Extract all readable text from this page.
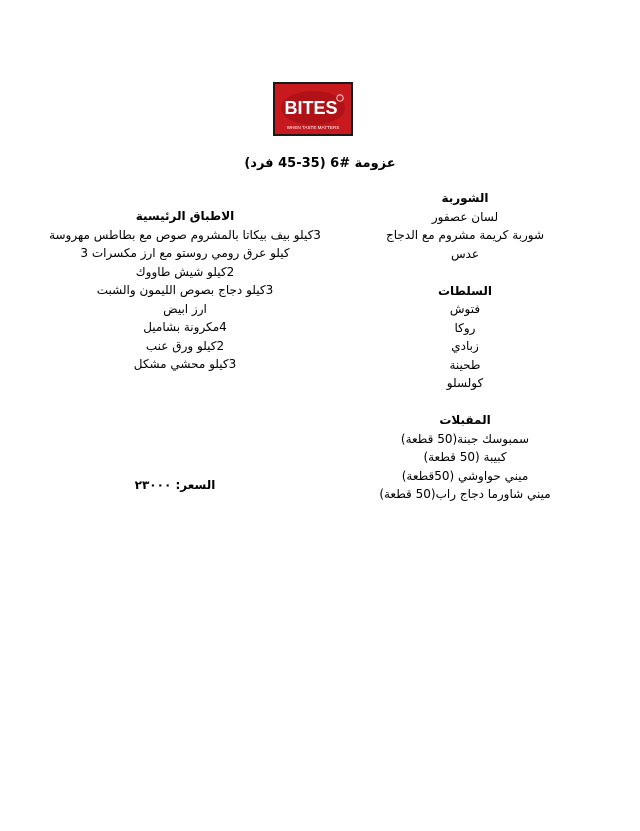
BITES
WHEN TASTE MATTERS
عزومة #6 (35-45 فرد)
الشوربة
لسان عصفور
شوربة كريمة مشروم مع الدجاج
عدس
السلطات
فتوش
روكا
زبادي
طحينة
كولسلو
المقبلات
سمبوسك جبنة(50 قطعة)
كبيبة (50 قطعة)
ميني حواوشي (50قطعة)
ميني شاورما دجاج راب(50 قطعة)
الاطباق الرئيسية
3كيلو بيف بيكاتا بالمشروم صوص مع بطاطس مهروسة
كيلو عرق رومي روستو مع ارز مكسرات 3
2كيلو شيش طاووك
3كيلو دجاج بصوص الليمون والشبت
ارز ابيض
4مكرونة بشاميل
2كيلو ورق عنب
3كيلو محشي مشكل
السعر: ٢٣٠٠٠
